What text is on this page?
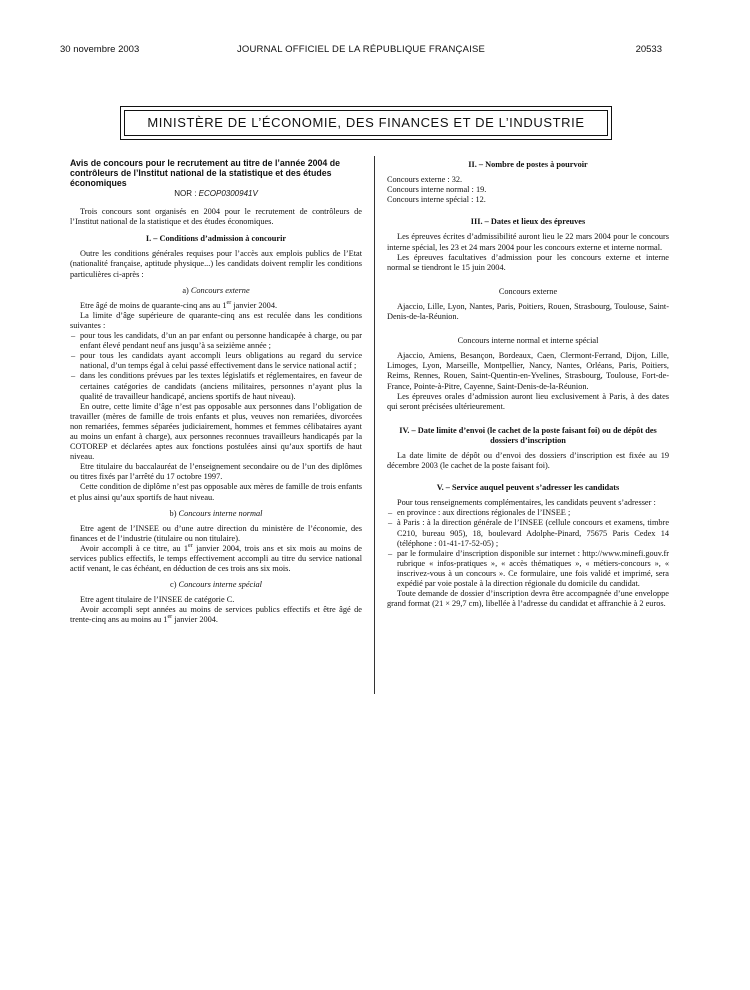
30 novembre 2003	JOURNAL OFFICIEL DE LA RÉPUBLIQUE FRANÇAISE	20533
MINISTÈRE DE L’ÉCONOMIE, DES FINANCES ET DE L’INDUSTRIE
Avis de concours pour le recrutement au titre de l’année 2004 de contrôleurs de l’Institut national de la statistique et des études économiques
NOR : ECOP0300941V

Trois concours sont organisés en 2004 pour le recrutement de contrôleurs de l’Institut national de la statistique et des études économiques.

I. – Conditions d’admission à concourir

Outre les conditions générales requises pour l’accès aux emplois publics de l’Etat (nationalité française, aptitude physique...) les candidats doivent remplir les conditions particulières ci-après :

a) Concours externe

Etre âgé de moins de quarante-cinq ans au 1er janvier 2004.

La limite d’âge supérieure de quarante-cinq ans est reculée dans les conditions suivantes :

– pour tous les candidats, d’un an par enfant ou personne handicapée à charge, ou par enfant élevé pendant neuf ans jusqu’à sa seizième année ;
– pour tous les candidats ayant accompli leurs obligations au regard du service national, d’un temps égal à celui passé effectivement dans le service national actif ;
– dans les conditions prévues par les textes législatifs et réglementaires, en faveur de certaines catégories de candidats (anciens militaires, personnes n’ayant plus la qualité de travailleur handicapé, anciens sportifs de haut niveau).

En outre, cette limite d’âge n’est pas opposable aux personnes dans l’obligation de travailler (mères de famille de trois enfants et plus, veuves non remariées, divorcées non remariées, femmes séparées judiciairement, hommes et femmes célibataires ayant au moins un enfant à charge), aux personnes reconnues travailleurs handicapés par la COTOREP et déclarées aptes aux fonctions postulées ainsi qu’aux sportifs de haut niveau.

Etre titulaire du baccalauréat de l’enseignement secondaire ou de l’un des diplômes ou titres fixés par l’arrêté du 17 octobre 1997.

Cette condition de diplôme n’est pas opposable aux mères de famille de trois enfants et plus ainsi qu’aux sportifs de haut niveau.

b) Concours interne normal

Etre agent de l’INSEE ou d’une autre direction du ministère de l’économie, des finances et de l’industrie (titulaire ou non titulaire).

Avoir accompli à ce titre, au 1er janvier 2004, trois ans et six mois au moins de services publics effectifs, le temps effectivement accompli au titre du service national actif venant, le cas échéant, en déduction de ces trois ans six mois.

c) Concours interne spécial

Etre agent titulaire de l’INSEE de catégorie C.

Avoir accompli sept années au moins de services publics effectifs et être âgé de trente-cinq ans au moins au 1er janvier 2004.

II. – Nombre de postes à pourvoir

Concours externe : 32.

Concours interne normal : 19.

Concours interne spécial : 12.

III. – Dates et lieux des épreuves

Les épreuves écrites d’admissibilité auront lieu le 22 mars 2004 pour le concours interne spécial, les 23 et 24 mars 2004 pour les concours externe et interne normal.

Les épreuves facultatives d’admission pour les concours externe et interne normal se tiendront le 15 juin 2004.

Concours externe

Ajaccio, Lille, Lyon, Nantes, Paris, Poitiers, Rouen, Strasbourg, Toulouse, Saint-Denis-de-la-Réunion.

Concours interne normal et interne spécial

Ajaccio, Amiens, Besançon, Bordeaux, Caen, Clermont-Ferrand, Dijon, Lille, Limoges, Lyon, Marseille, Montpellier, Nancy, Nantes, Orléans, Paris, Poitiers, Reims, Rennes, Rouen, Saint-Quentin-en-Yvelines, Strasbourg, Toulouse, Fort-de-France, Pointe-à-Pitre, Cayenne, Saint-Denis-de-la-Réunion.

Les épreuves orales d’admission auront lieu exclusivement à Paris, à des dates qui seront précisées ultérieurement.

IV. – Date limite d’envoi (le cachet de la poste faisant foi) ou de dépôt des dossiers d’inscription

La date limite de dépôt ou d’envoi des dossiers d’inscription est fixée au 19 décembre 2003 (le cachet de la poste faisant foi).

V. – Service auquel peuvent s’adresser les candidats

Pour tous renseignements complémentaires, les candidats peuvent s’adresser :

– en province : aux directions régionales de l’INSEE ;
– à Paris : à la direction générale de l’INSEE (cellule concours et examens, timbre C210, bureau 905), 18, boulevard Adolphe-Pinard, 75675 Paris Cedex 14 (téléphone : 01-41-17-52-05) ;
– par le formulaire d’inscription disponible sur internet : http://www.minefi.gouv.fr rubrique « infos-pratiques », « accès thématiques », « métiers-concours », « inscrivez-vous à un concours ». Ce formulaire, une fois validé et imprimé, sera expédié par voie postale à la direction régionale du domicile du candidat.

Toute demande de dossier d’inscription devra être accompagnée d’une enveloppe grand format (21 × 29,7 cm), libellée à l’adresse du candidat et affranchie à 2 euros.
